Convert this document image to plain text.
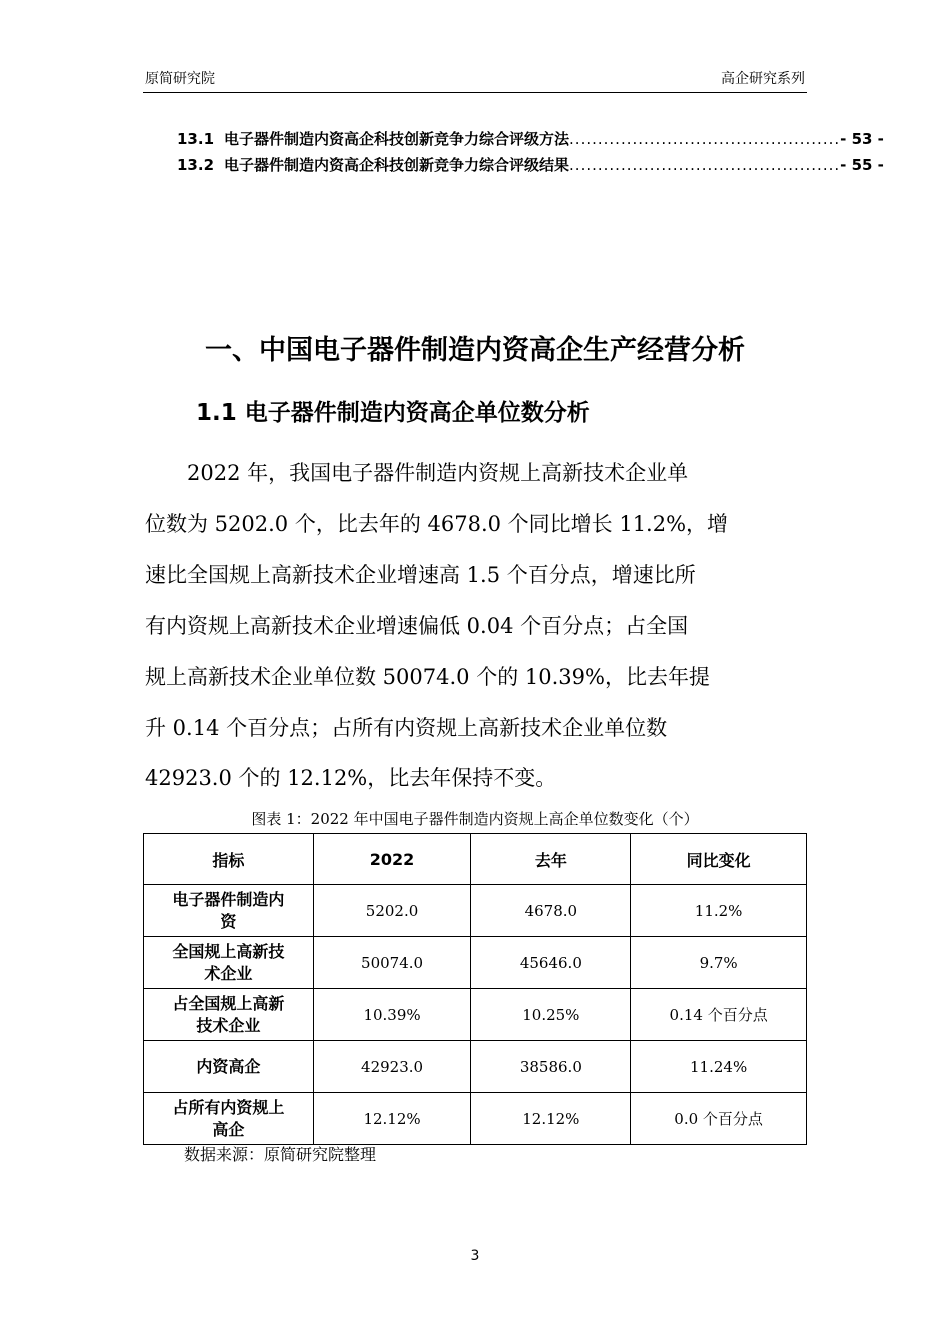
原简研究院	高企研究系列
13.1 电子器件制造内资高企科技创新竞争力综合评级方法 ............................................... - 53 -
13.2 电子器件制造内资高企科技创新竞争力综合评级结果 ............................................... - 55 -
一、中国电子器件制造内资高企生产经营分析
1.1 电子器件制造内资高企单位数分析
　　2022 年，我国电子器件制造内资规上高新技术企业单
位数为 5202.0 个，比去年的 4678.0 个同比增长 11.2%，增
速比全国规上高新技术企业增速高 1.5 个百分点，增速比所
有内资规上高新技术企业增速偏低 0.04 个百分点；占全国
规上高新技术企业单位数 50074.0 个的 10.39%，比去年提
升 0.14 个百分点；占所有内资规上高新技术企业单位数
42923.0 个的 12.12%，比去年保持不变。
图表 1：2022 年中国电子器件制造内资规上高企单位数变化（个）
指标	2022	去年	同比变化
电子器件制造内
资	5202.0	4678.0	11.2%
全国规上高新技
术企业	50074.0	45646.0	9.7%
占全国规上高新
技术企业	10.39%	10.25%	0.14 个百分点
内资高企	42923.0	38586.0	11.24%
占所有内资规上
高企	12.12%	12.12%	0.0 个百分点
数据来源：原简研究院整理
3
